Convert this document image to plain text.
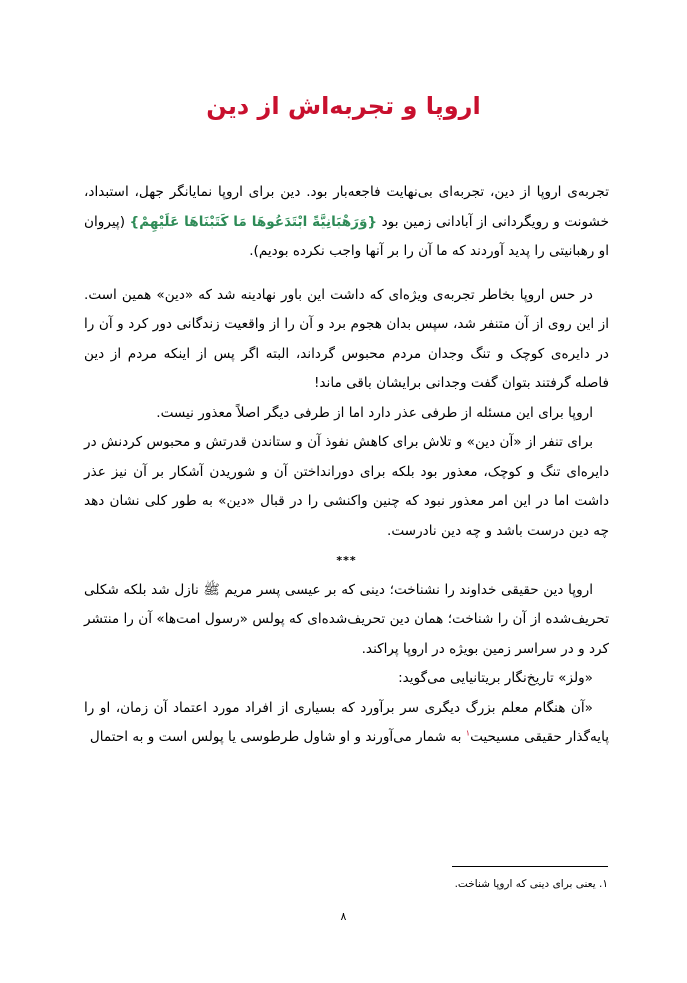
اروپا و تجربه‌اش از دین

تجربه‌ی اروپا از دین، تجربه‌ای بی‌نهایت فاجعه‌بار بود. دین برای اروپا نمایانگر جهل، استبداد، خشونت و رویگردانی از آبادانی زمین بود {وَرَهْبَانِيَّةً ابْتَدَعُوهَا مَا كَتَبْنَاهَا عَلَيْهِمْ} (پیروان او رهبانیتی را پدید آوردند که ما آن را بر آنها واجب نکرده بودیم).

در حس اروپا بخاطر تجربه‌ی ویژه‌ای که داشت این باور نهادینه شد که «دین» همین است. از این روی از آن متنفر شد، سپس بدان هجوم برد و آن را از واقعیت زندگانی دور کرد و آن را در دایره‌ی کوچک و تنگ وجدان مردم محبوس گرداند، البته اگر پس از اینکه مردم از دین فاصله گرفتند بتوان گفت وجدانی برایشان باقی ماند!

اروپا برای این مسئله از طرفی عذر دارد اما از طرفی دیگر اصلاً معذور نیست.

برای تنفر از «آن دین» و تلاش برای کاهش نفوذ آن و ستاندن قدرتش و محبوس کردنش در دایره‌ای تنگ و کوچک، معذور بود بلکه برای دورانداختن آن و شوریدن آشکار بر آن نیز عذر داشت اما در این امر معذور نبود که چنین واکنشی را در قبال «دین» به طور کلی نشان دهد چه دین درست باشد و چه دین نادرست.

***

اروپا دین حقیقی خداوند را نشناخت؛ دینی که بر عیسی پسر مریم ﷺ نازل شد بلکه شکلی تحریف‌شده از آن را شناخت؛ همان دین تحریف‌شده‌ای که پولس «رسول امت‌ها» آن را منتشر کرد و در سراسر زمین بویژه در اروپا پراکند.

«ولز» تاریخ‌نگار بریتانیایی می‌گوید:

«آن هنگام معلم بزرگ دیگری سر برآورد که بسیاری از افراد مورد اعتماد آن زمان، او را پایه‌گذار حقیقی مسیحیت$^۱$ به شمار می‌آورند و او شاول طرطوسی یا پولس است و به احتمال

۱. یعنی برای دینی که اروپا شناخت.
۸
